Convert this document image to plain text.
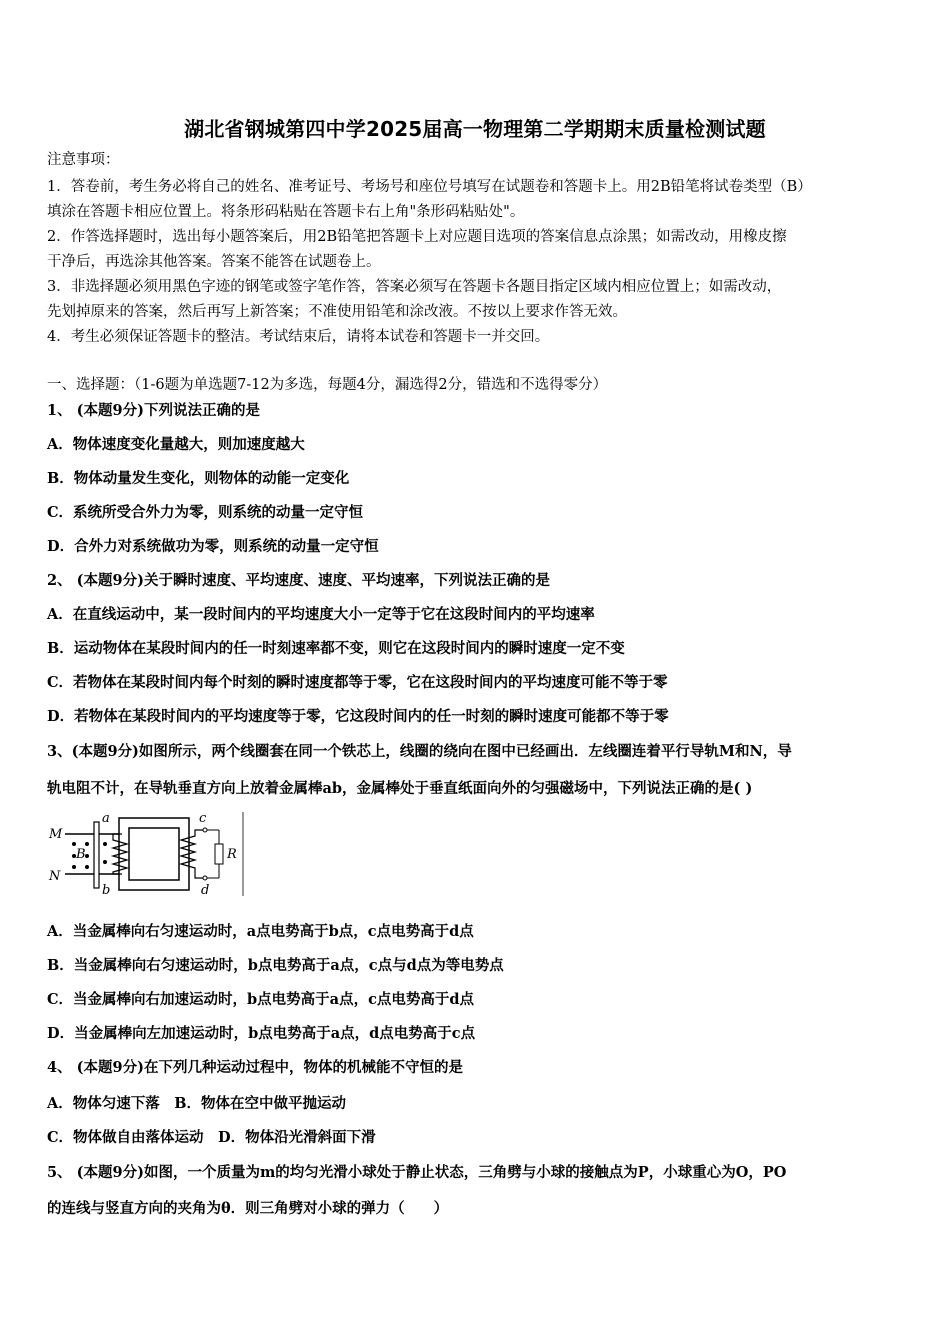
湖北省钢城第四中学2025届高一物理第二学期期末质量检测试题
注意事项：
1．答卷前，考生务必将自己的姓名、准考证号、考场号和座位号填写在试题卷和答题卡上。用2B铅笔将试卷类型（B）
填涂在答题卡相应位置上。将条形码粘贴在答题卡右上角"条形码粘贴处"。
2．作答选择题时，选出每小题答案后，用2B铅笔把答题卡上对应题目选项的答案信息点涂黑；如需改动，用橡皮擦
干净后，再选涂其他答案。答案不能答在试题卷上。
3．非选择题必须用黑色字迹的钢笔或签字笔作答，答案必须写在答题卡各题目指定区域内相应位置上；如需改动，
先划掉原来的答案，然后再写上新答案；不准使用铅笔和涂改液。不按以上要求作答无效。
4．考生必须保证答题卡的整洁。考试结束后，请将本试卷和答题卡一并交回。
一、选择题：（1-6题为单选题7-12为多选，每题4分，漏选得2分，错选和不选得零分）
1、 (本题9分)下列说法正确的是
A．物体速度变化量越大，则加速度越大
B．物体动量发生变化，则物体的动能一定变化
C．系统所受合外力为零，则系统的动量一定守恒
D．合外力对系统做功为零，则系统的动量一定守恒
2、 (本题9分)关于瞬时速度、平均速度、速度、平均速率，下列说法正确的是
A．在直线运动中，某一段时间内的平均速度大小一定等于它在这段时间内的平均速率
B．运动物体在某段时间内的任一时刻速率都不变，则它在这段时间内的瞬时速度一定不变
C．若物体在某段时间内每个时刻的瞬时速度都等于零，它在这段时间内的平均速度可能不等于零
D．若物体在某段时间内的平均速度等于零，它这段时间内的任一时刻的瞬时速度可能都不等于零
3、(本题9分)如图所示，两个线圈套在同一个铁芯上，线圈的绕向在图中已经画出．左线圈连着平行导轨M和N，导
轨电阻不计，在导轨垂直方向上放着金属棒ab，金属棒处于垂直纸面向外的匀强磁场中，下列说法正确的是( )
M
N
B
a
b
c
d
R
A．当金属棒向右匀速运动时，a点电势高于b点，c点电势高于d点
B．当金属棒向右匀速运动时，b点电势高于a点，c点与d点为等电势点
C．当金属棒向右加速运动时，b点电势高于a点，c点电势高于d点
D．当金属棒向左加速运动时，b点电势高于a点，d点电势高于c点
4、 (本题9分)在下列几种运动过程中，物体的机械能不守恒的是
A．物体匀速下落　B．物体在空中做平抛运动
C．物体做自由落体运动　D．物体沿光滑斜面下滑
5、 (本题9分)如图，一个质量为m的均匀光滑小球处于静止状态，三角劈与小球的接触点为P，小球重心为O，PO
的连线与竖直方向的夹角为θ．则三角劈对小球的弹力（　　）
